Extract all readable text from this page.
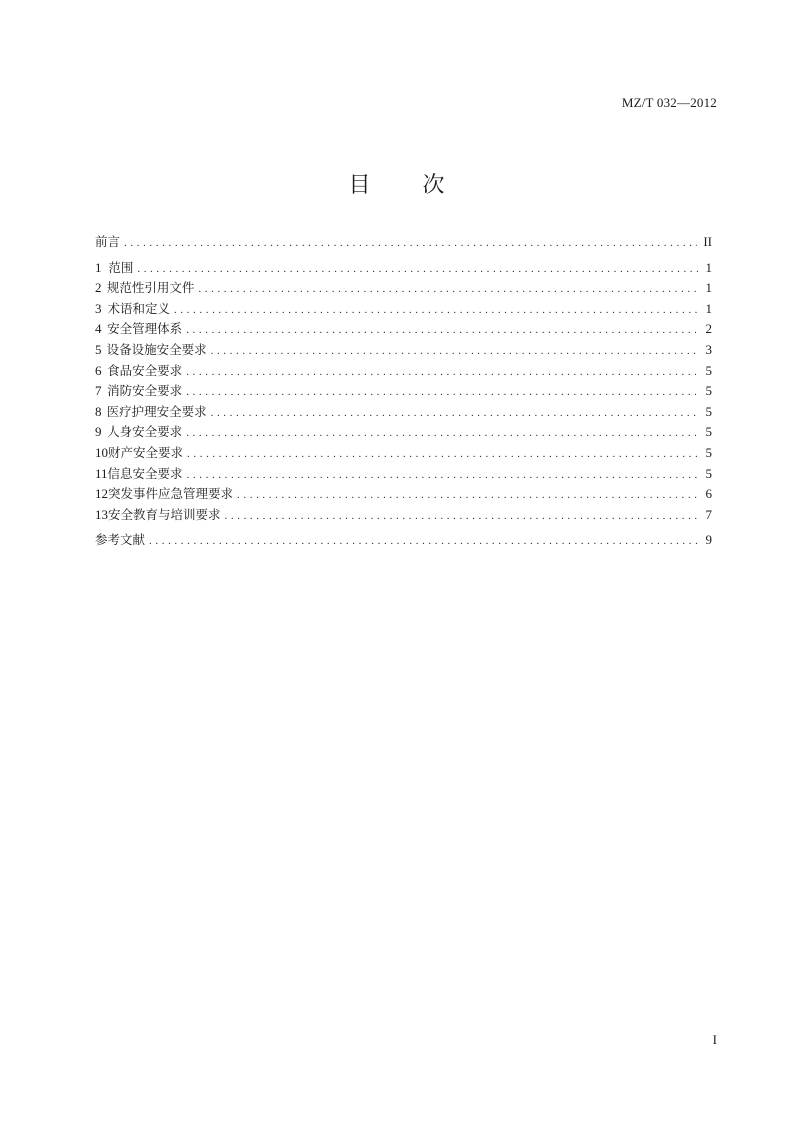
MZ/T 032—2012
目次
前言 .....	II
1 范围 .....	1
2 规范性引用文件 .....	1
3 术语和定义 .....	1
4 安全管理体系 .....	2
5 设备设施安全要求 .....	3
6 食品安全要求 .....	5
7 消防安全要求 .....	5
8 医疗护理安全要求 .....	5
9 人身安全要求 .....	5
10 财产安全要求 .....	5
11 信息安全要求 .....	5
12 突发事件应急管理要求 .....	6
13 安全教育与培训要求 .....	7
参考文献 .....	9
I
